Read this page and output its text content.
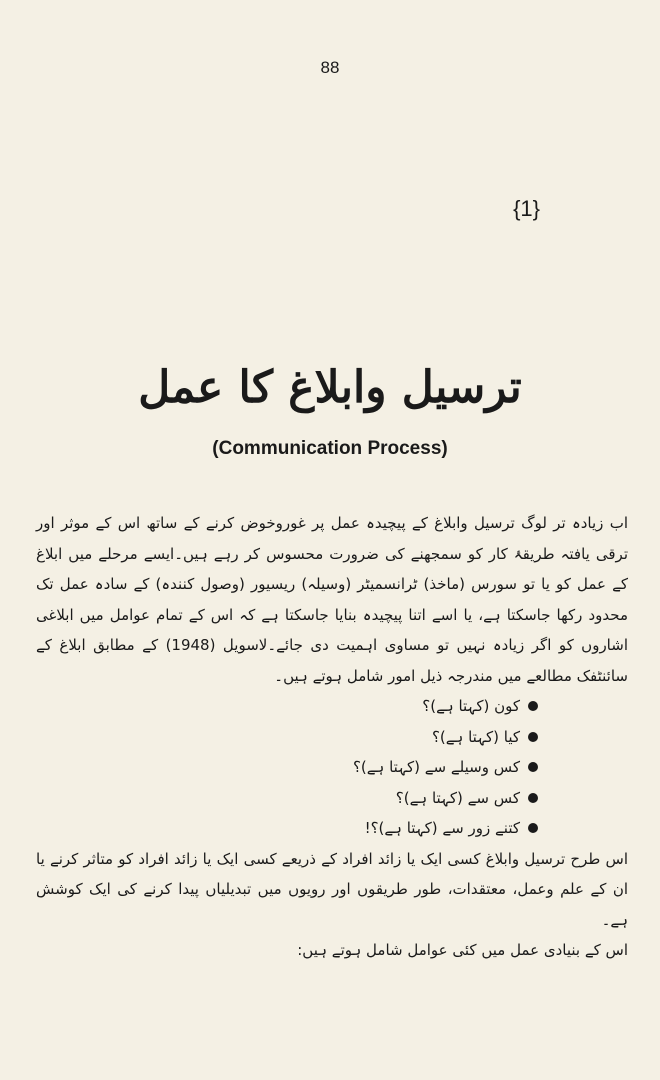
88
{1}
ترسیل وابلاغ کا عمل
(Communication Process)

اب زیادہ تر لوگ ترسیل وابلاغ کے پیچیدہ عمل پر غوروخوض کرنے کے ساتھ اس کے موثر اور ترقی یافتہ طریقۂ کار کو سمجھنے کی ضرورت محسوس کر رہے ہیں۔ایسے مرحلے میں ابلاغ کے عمل کو یا تو سورس (ماخذ) ٹرانسمیٹر (وسیلہ) ریسیور (وصول کنندہ) کے سادہ عمل تک محدود رکھا جاسکتا ہے، یا اسے اتنا پیچیدہ بنایا جاسکتا ہے کہ اس کے تمام عوامل میں ابلاغی اشاروں کو اگر زیادہ نہیں تو مساوی اہمیت دی جائے۔لاسویل (1948) کے مطابق ابلاغ کے سائنٹفک مطالعے میں مندرجہ ذیل امور شامل ہوتے ہیں۔

کون (کہتا ہے)؟
کیا (کہتا ہے)؟
کس وسیلے سے (کہتا ہے)؟
کس سے (کہتا ہے)؟
کتنے زور سے (کہتا ہے)؟!

اس طرح ترسیل وابلاغ کسی ایک یا زائد افراد کے ذریعے کسی ایک یا زائد افراد کو متاثر کرنے یا ان کے علم وعمل، معتقدات، طور طریقوں اور رویوں میں تبدیلیاں پیدا کرنے کی ایک کوشش ہے۔

اس کے بنیادی عمل میں کئی عوامل شامل ہوتے ہیں:
